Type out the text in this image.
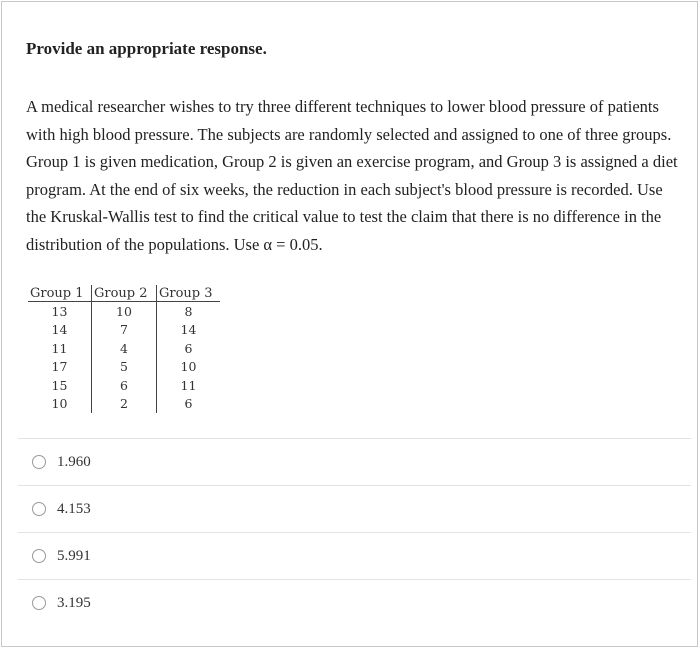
Provide an appropriate response.

A medical researcher wishes to try three different techniques to lower blood pressure of patients with high blood pressure. The subjects are randomly selected and assigned to one of three groups. Group 1 is given medication, Group 2 is given an exercise program, and Group 3 is assigned a diet program. At the end of six weeks, the reduction in each subject's blood pressure is recorded. Use the Kruskal-Wallis test to find the critical value to test the claim that there is no difference in the distribution of the populations. Use α = 0.05.

Group 1	Group 2	Group 3
13	10	8
14	7	14
11	4	6
17	5	10
15	6	11
10	2	6
1.960
4.153
5.991
3.195
